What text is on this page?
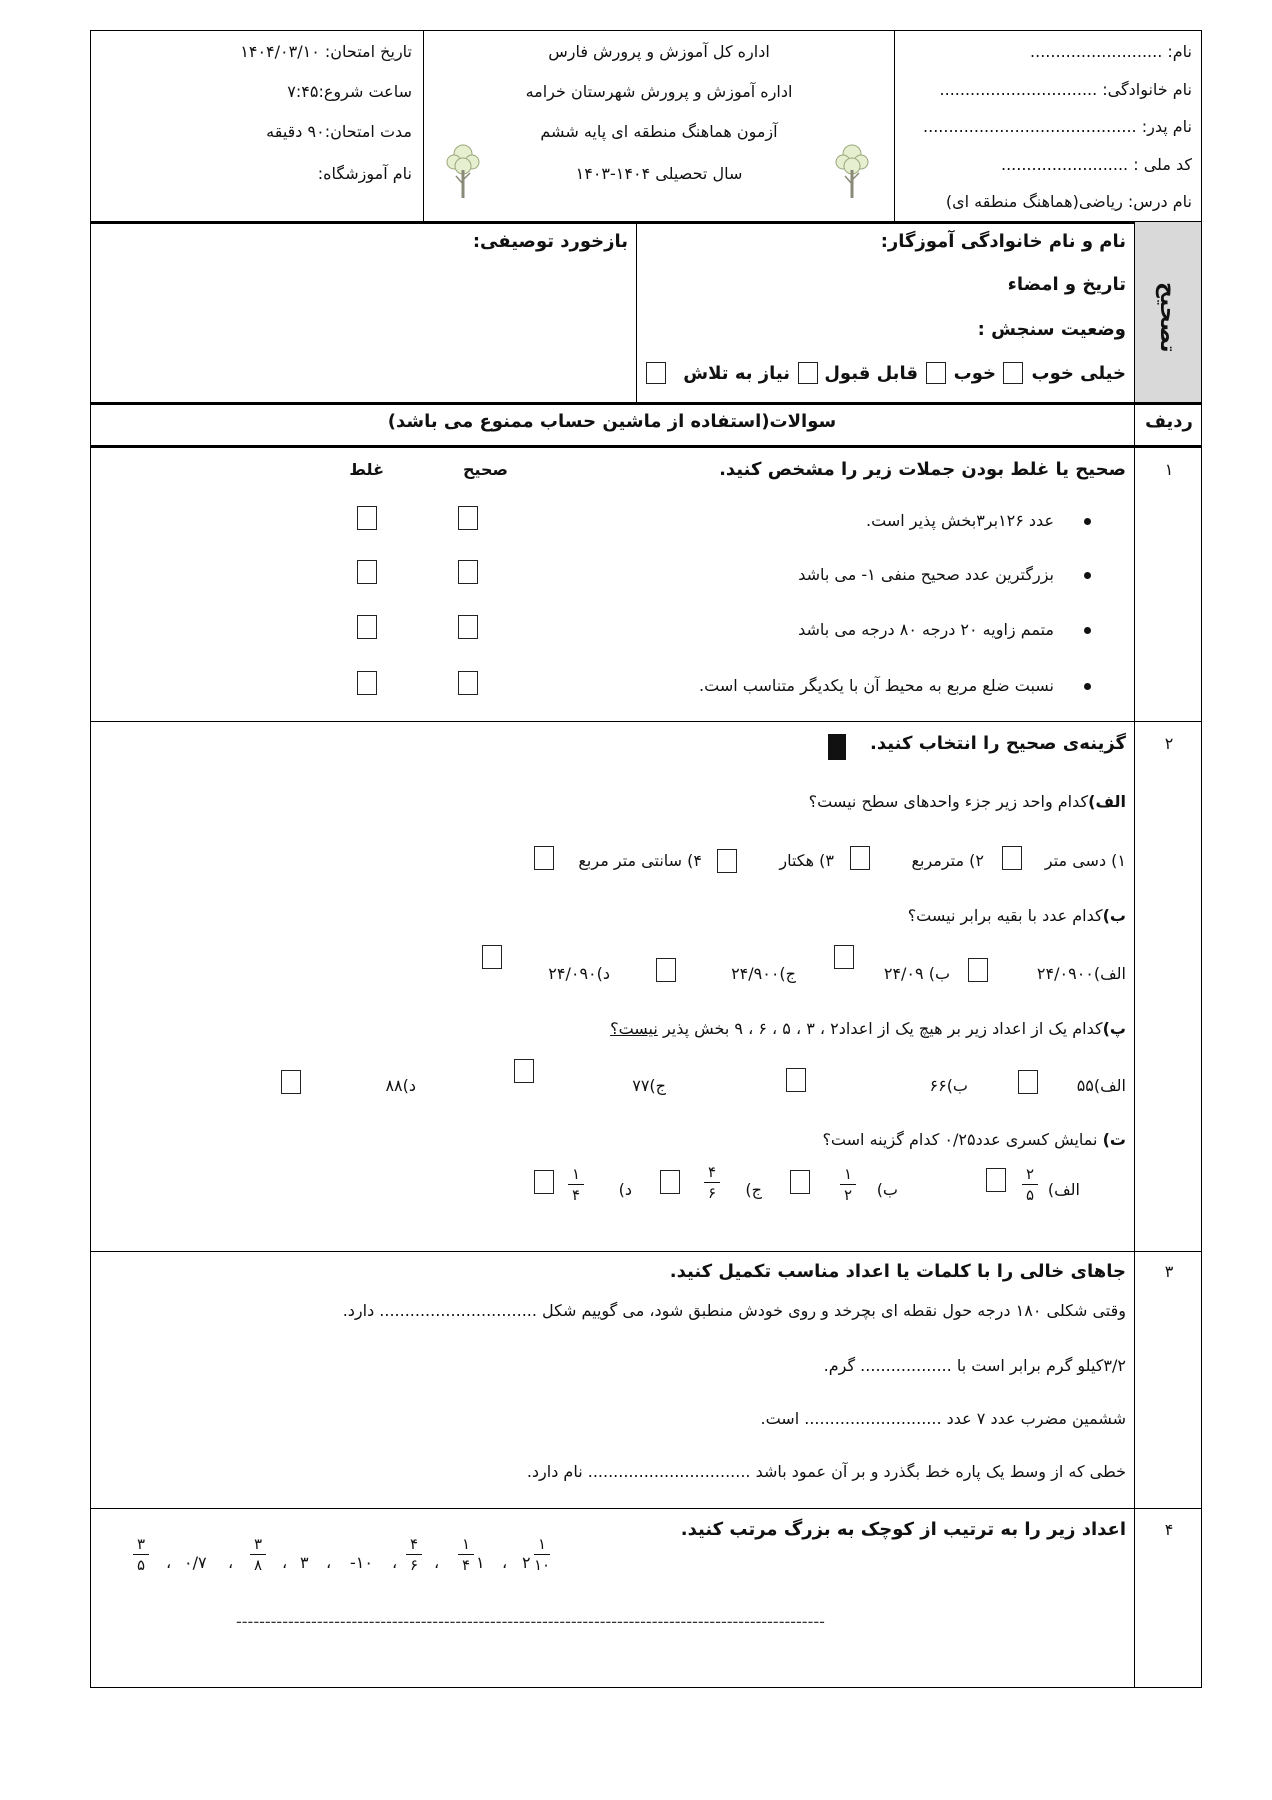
نام: ..........................
نام خانوادگی: ...............................
نام پدر: ..........................................
کد ملی : .........................
نام درس: ریاضی(هماهنگ منطقه ای)
اداره کل آموزش و پرورش فارس
اداره آموزش و پرورش شهرستان خرامه
آزمون هماهنگ منطقه ای پایه ششم
سال تحصیلی ۱۴۰۴-۱۴۰۳
تاریخ امتحان: ۱۴۰۴/۰۳/۱۰
ساعت شروع:۷:۴۵
مدت امتحان:۹۰ دقیقه
نام آموزشگاه:
تصحیح
نام و نام خانوادگی آموزگار:
تاریخ و امضاء
وضعیت سنجش :
بازخورد توصیفی:
خیلی خوب
خوب
قابل قبول
نیاز به تلاش
ردیف
سوالات(استفاده از ماشین حساب ممنوع می باشد)
۱
صحیح یا غلط بودن جملات زیر را مشخص کنید.
صحیح
غلط
عدد ۱۲۶بر۳بخش پذیر است.
بزرگترین عدد صحیح منفی ۱- می باشد
متمم زاویه ۲۰ درجه ۸۰ درجه می باشد
نسبت ضلع مربع به محیط آن با یکدیگر متناسب است.
۲
گزینه‌ی صحیح را انتخاب کنید.
الف)کدام واحد زیر جزء واحدهای سطح نیست؟
۱) دسی متر
۲) مترمربع
۳) هکتار
۴) سانتی متر مربع
ب)کدام عدد با بقیه برابر نیست؟
الف)۲۴/۰۹۰۰
ب) ۲۴/۰۹
ج)۲۴/۹۰۰
د)۲۴/۰۹۰
پ)کدام یک از اعداد زیر بر هیچ یک از اعداد۲ ، ۳ ، ۵ ، ۶ ، ۹ بخش پذیر نیست؟
الف)۵۵
ب)۶۶
ج)۷۷
د)۸۸
ت) نمایش کسری عدد۰/۲۵ کدام گزینه است؟
الف)
۲
۵
ب)
۱
۲
ج)
۴
۶
د)
۱
۴
۳
جاهای خالی را با کلمات یا اعداد مناسب تکمیل کنید.
وقتی شکلی ۱۸۰ درجه حول نقطه ای بچرخد و روی خودش منطبق شود، می گوییم شکل ............................... دارد.
۳/۲کیلو گرم برابر است با .................. گرم.
ششمین مضرب عدد ۷ عدد ........................... است.
خطی که از وسط یک پاره خط بگذرد و بر آن عمود باشد ................................ نام دارد.
۴
اعداد زیر را به ترتیب از کوچک به بزرگ مرتب کنید.
۳
۵ ، ۰/۷ ،
۳
۸ ، ۳ ، ۱۰- ،
۴
۶ ،
۱
۴ ۱ ،
۱
۱۰
۲
------------------------------------------------------------------------------------------------------
